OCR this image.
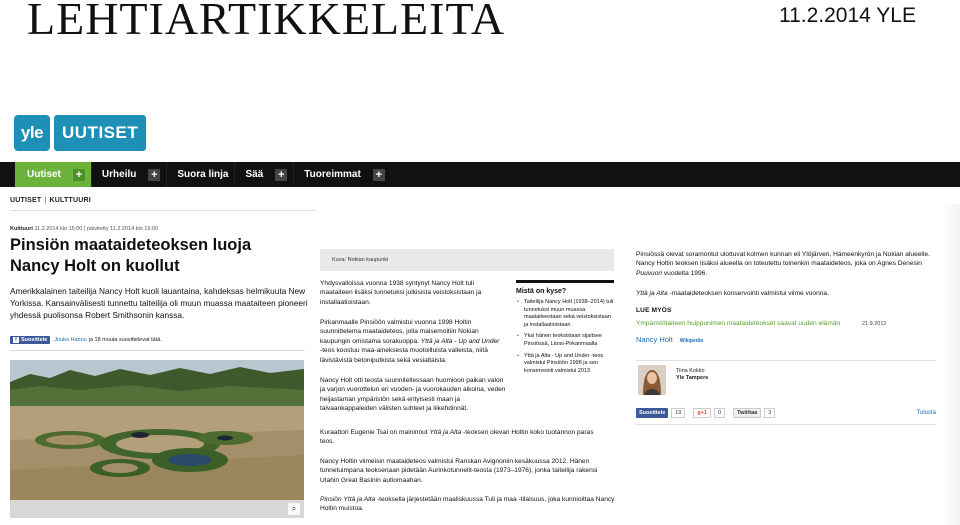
LEHTIARTIKKELEITA	11.2.2014 YLE
yle	UUTISET
Uutiset + Urheilu + Suora linja Sää + Tuoreimmat +
UUTISET | KULTTUURI
Kulttuuri 11.2.2014 klo 15:00 | päivitetty 11.2.2014 klo 15:00
Pinsiön maataideteoksen luoja
Nancy Holt on kuollut
Amerikkalainen taiteilija Nancy Holt kuoli lauantaina, kahdeksas helmikuuta New Yorkissa. Kansainvälisesti tunnettu taiteilija oli muun muassa maataiteen pioneeri yhdessä puolisonsa Robert Smithsonin kanssa.
f Suosittele Jouko Hannu ja 18 muuta suosittelevat tätä.
⌕
Kuva: Nokian kaupunki
Yhdysvalloissa vuonna 1938 syntynyt Nancy Holt tuli maataiteen lisäksi tunnetuksi julkisista veistoksistaan ja installaatioistaan.
Pirkanmaalle Pinsiöön valmistui vuonna 1998 Holtin suunnittelema maataideteos, jolla maisemoitiin Nokian kaupungin omistama sorakuoppa. Yttä ja Alta - Up and Under -teos koostuu maa-aineksesta muotoilluista valleista, niitä lävistävistä betoniputkista sekä vesialtaista.
Nancy Holt otti teosta suunnitellessaan huomioon paikan valon ja varjon vuorottelun eri vuoden- ja vuorokauden aikoina, veden heijastaman ympäristön sekä erityisesti maan ja taivaankappaleiden välisten suhteet ja liikehdinnät.
Kuraattori Eugenie Tsai on maininnut Yttä ja Alta -teoksen olevan Holtin koko tuotannon paras teos.
Nancy Holtin viimeisin maataideteos valmistui Ranskan Avignoniin kesäkuussa 2012. Hänen tunnetuimpana teoksenaan pidetään Aurinkotunnelit-teosta (1973–1976), jonka taiteilija rakensi Utahin Great Basinin autiomaahan.
Pinsiön Yttä ja Alta -teoksella järjestetään maaliskuussa Tuli ja maa -tilaisuus, joka kunnioittaa Nancy Holtin muistoa.
Mistä on kyse?
• Taiteilija Nancy Holt (1938–2014) tuli tunnetuksi muun muassa maataiteestaan sekä veistoksistaan ja installaatioistaan
• Yksi hänen teoksistaan sijaitsee Pinsiössä, Länsi-Pirkanmaalla
• Yttä ja Alta - Up and Under -teos valmistui Pinsiöön 1998 ja sen konservointi valmistui 2013
Pinsiössä olevat soramontut ulottuvat kolmen kunnan eli Ylöjärven, Hämeenkyrön ja Nokian alueelle. Nancy Holtin teoksen lisäksi alueella on toteutettu toinenkin maataideteos, joka on Agnes Denesin Puuvuori vuodelta 1996.
Yttä ja Alta -maataideteoksen konservointi valmistui viime vuonna.
LUE MYÖS
Ympäristötaiteen huippunimen maataideteokset saavat uuden elämän	21.9.2012
Nancy Holt Wikipedia
Tiina Kokko
Yle Tampere
Suosittele	19	g+1	0	Twiittaa	3	Tulosta
